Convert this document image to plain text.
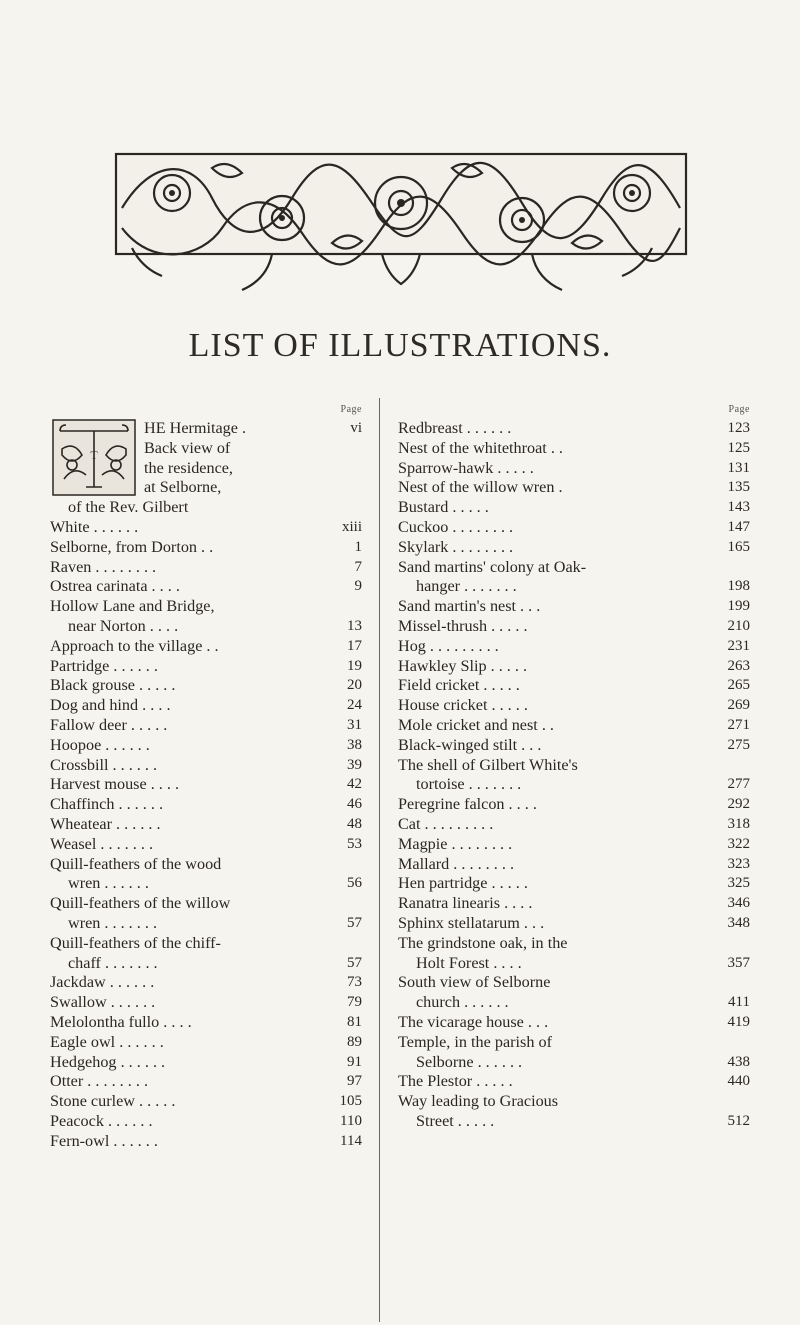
LIST OF ILLUSTRATIONS.
Page
T
HE Hermitage .	vi
Back view of
the residence,
at Selborne,
of the Rev. Gilbert
White . . . . . .	xiii
Selborne, from Dorton . .	1
Raven . . . . . . . .	7
Ostrea carinata . . . .	9
Hollow Lane and Bridge,
near Norton . . . .	13
Approach to the village . .	17
Partridge . . . . . .	19
Black grouse . . . . .	20
Dog and hind . . . .	24
Fallow deer . . . . .	31
Hoopoe . . . . . .	38
Crossbill . . . . . .	39
Harvest mouse . . . .	42
Chaffinch . . . . . .	46
Wheatear . . . . . .	48
Weasel . . . . . . .	53
Quill-feathers of the wood
wren . . . . . .	56
Quill-feathers of the willow
wren . . . . . . .	57
Quill-feathers of the chiff-
chaff . . . . . . .	57
Jackdaw . . . . . .	73
Swallow . . . . . .	79
Melolontha fullo . . . .	81
Eagle owl . . . . . .	89
Hedgehog . . . . . .	91
Otter . . . . . . . .	97
Stone curlew . . . . .	105
Peacock . . . . . .	110
Fern-owl . . . . . .	114
Page
Redbreast . . . . . .	123
Nest of the whitethroat . .	125
Sparrow-hawk . . . . .	131
Nest of the willow wren .	135
Bustard . . . . .	143
Cuckoo . . . . . . . .	147
Skylark . . . . . . . .	165
Sand martins' colony at Oak-
hanger . . . . . . .	198
Sand martin's nest . . .	199
Missel-thrush . . . . .	210
Hog . . . . . . . . .	231
Hawkley Slip . . . . .	263
Field cricket . . . . .	265
House cricket . . . . .	269
Mole cricket and nest . .	271
Black-winged stilt . . .	275
The shell of Gilbert White's
tortoise . . . . . . .	277
Peregrine falcon . . . .	292
Cat . . . . . . . . .	318
Magpie . . . . . . . .	322
Mallard . . . . . . . .	323
Hen partridge . . . . .	325
Ranatra linearis . . . .	346
Sphinx stellatarum . . .	348
The grindstone oak, in the
Holt Forest . . . .	357
South view of Selborne
church . . . . . .	411
The vicarage house . . .	419
Temple, in the parish of
Selborne . . . . . .	438
The Plestor . . . . .	440
Way leading to Gracious
Street . . . . .	512
